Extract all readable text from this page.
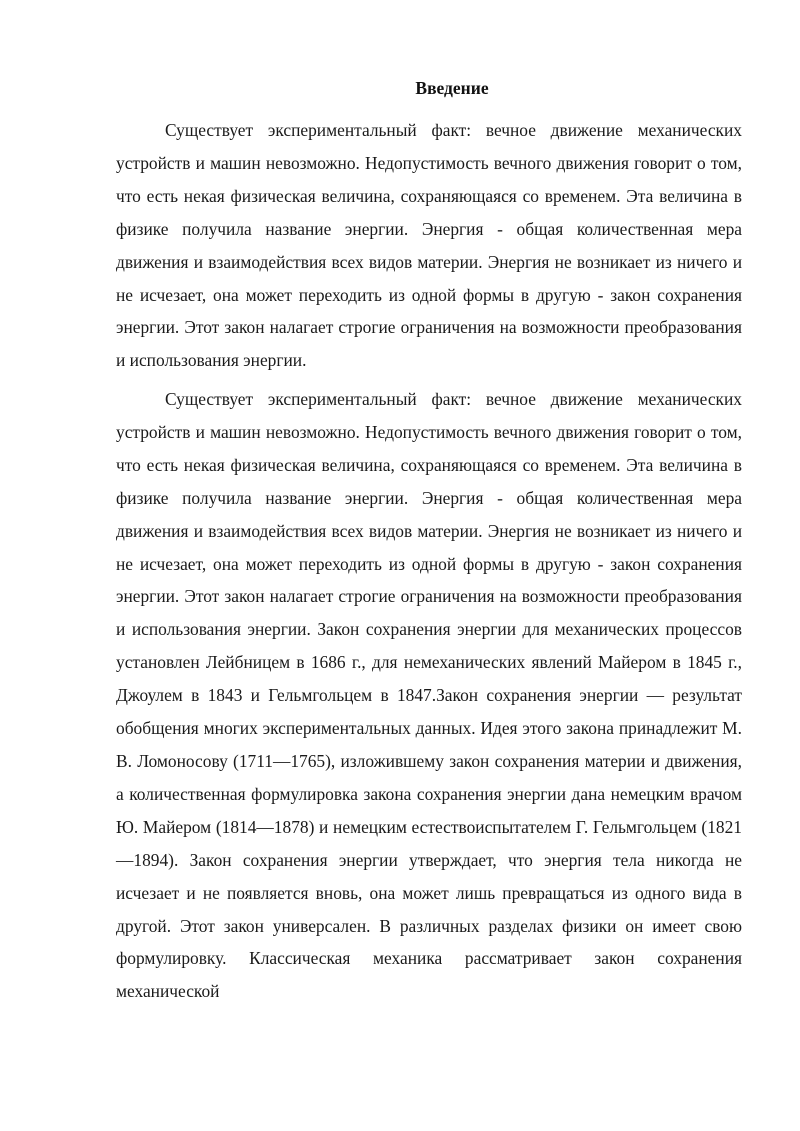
Введение

Существует экспериментальный факт: вечное движение механических устройств и машин невозможно. Недопустимость вечного движения говорит о том, что есть некая физическая величина, сохраняющаяся со временем. Эта величина в физике получила название энергии. Энергия - общая количественная мера движения и взаимодействия всех видов материи. Энергия не возникает из ничего и не исчезает, она может переходить из одной формы в другую - закон сохранения энергии. Этот закон налагает строгие ограничения на возможности преобразования и использования энергии.

Существует экспериментальный факт: вечное движение механических устройств и машин невозможно. Недопустимость вечного движения говорит о том, что есть некая физическая величина, сохраняющаяся со временем. Эта величина в физике получила название энергии. Энергия - общая количественная мера движения и взаимодействия всех видов материи. Энергия не возникает из ничего и не исчезает, она может переходить из одной формы в другую - закон сохранения энергии. Этот закон налагает строгие ограничения на возможности преобразования и использования энергии. Закон сохранения энергии для механических процессов установлен Лейбницем в 1686 г., для немеханических явлений Майером в 1845 г., Джоулем в 1843 и Гельмгольцем в 1847.Закон сохранения энергии — результат обобщения многих экспериментальных данных. Идея этого закона принадлежит М. В. Ломоносову (1711—1765), изложившему закон сохранения материи и движения, а количественная формулировка закона сохранения энергии дана немецким врачом Ю. Майером (1814—1878) и немецким естествоиспытателем Г. Гельмгольцем (1821—1894). Закон сохранения энергии утверждает, что энергия тела никогда не исчезает и не появляется вновь, она может лишь превращаться из одного вида в другой. Этот закон универсален. В различных разделах физики он имеет свою формулировку. Классическая механика рассматривает закон сохранения механической
